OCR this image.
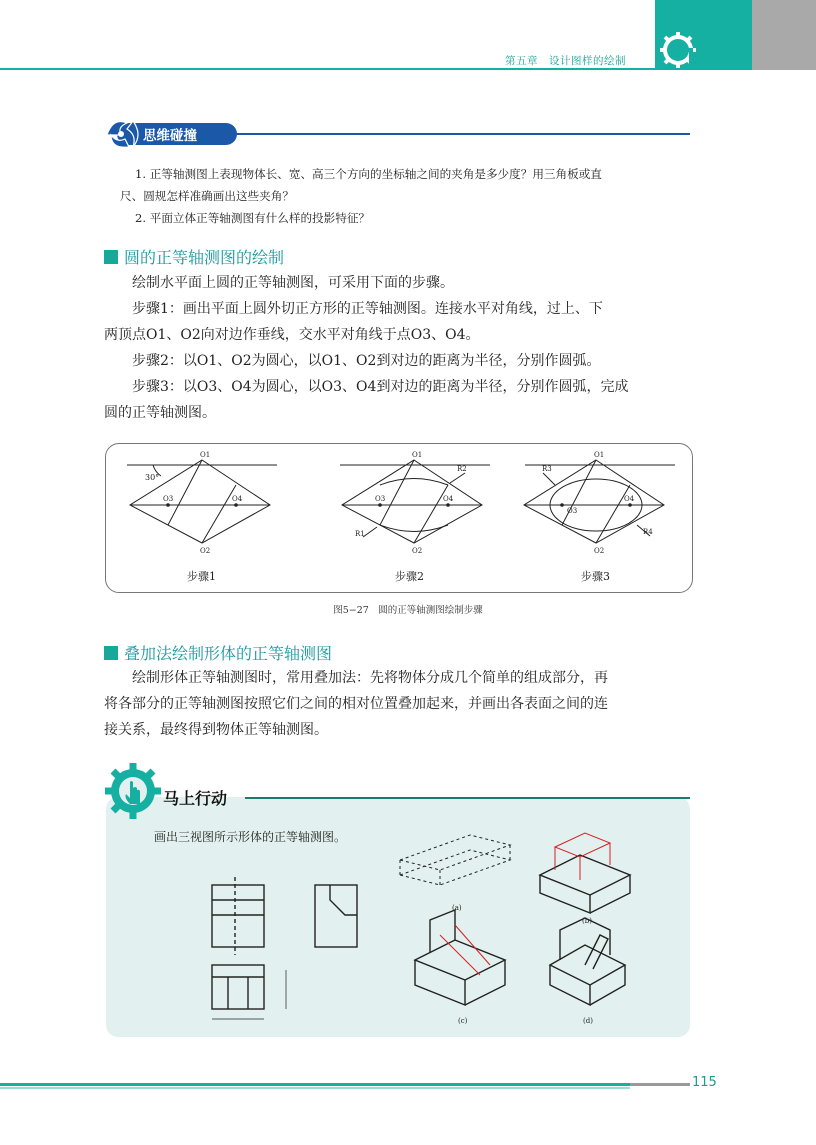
第五章　设计图样的绘制
思维碰撞
1. 正等轴测图上表现物体长、宽、高三个方向的坐标轴之间的夹角是多少度？用三角板或直
尺、圆规怎样准确画出这些夹角？
2. 平面立体正等轴测图有什么样的投影特征？
圆的正等轴测图的绘制

绘制水平面上圆的正等轴测图，可采用下面的步骤。

步骤1：画出平面上圆外切正方形的正等轴测图。连接水平对角线，过上、下

两顶点O1、O2向对边作垂线，交水平对角线于点O3、O4。

步骤2：以O1、O2为圆心，以O1、O2到对边的距离为半径，分别作圆弧。

步骤3：以O3、O4为圆心，以O3、O4到对边的距离为半径，分别作圆弧，完成

圆的正等轴测图。
O1
O2
O3	O4
O1
O2
O3	O4
O1
O2
O3
O4
R2
R1
R3
R4
30°
步骤1	步骤2	步骤3
图5−27　圆的正等轴测图绘制步骤
叠加法绘制形体的正等轴测图

绘制形体正等轴测图时，常用叠加法：先将物体分成几个简单的组成部分，再

将各部分的正等轴测图按照它们之间的相对位置叠加起来，并画出各表面之间的连
接关系，最终得到物体正等轴测图。
马上行动
画出三视图所示形体的正等轴测图。
(a)
(b)
(c)	(d)
115
